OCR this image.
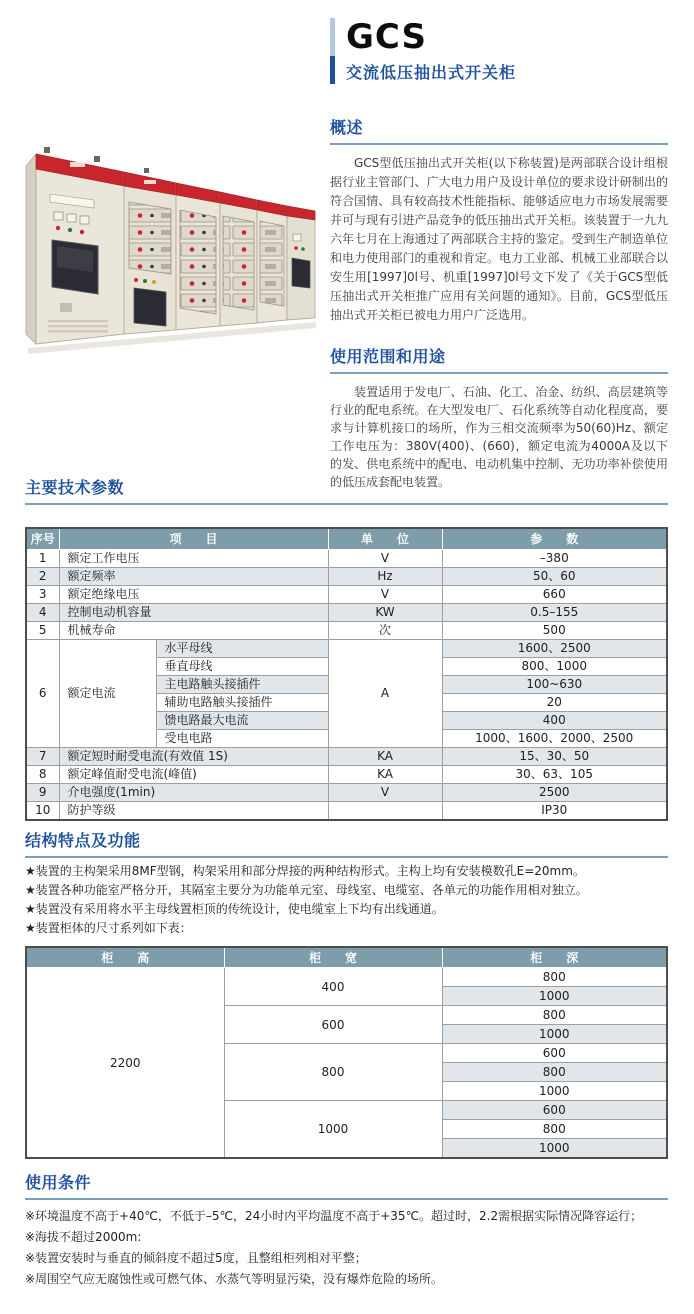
GCS
交流低压抽出式开关柜
概述

GCS型低压抽出式开关柜(以下称装置)是两部联合设计组根据行业主管部门、广大电力用户及设计单位的要求设计研制出的符合国情、具有较高技术性能指标、能够适应电力市场发展需要并可与现有引进产品竞争的低压抽出式开关柜。该装置于一九九六年七月在上海通过了两部联合主持的鉴定。受到生产制造单位和电力使用部门的重视和肯定。电力工业部、机械工业部联合以安生用[1997]0l号、机重[1997]0l号文下发了《关于GCS型低压抽出式开关柜推广应用有关问题的通知》。目前，GCS型低压抽出式开关柜已被电力用户广泛选用。

使用范围和用途

装置适用于发电厂、石油、化工、冶金、纺织、高层建筑等行业的配电系统。在大型发电厂、石化系统等自动化程度高，要求与计算机接口的场所，作为三相交流频率为50(60)Hz、额定工作电压为：380V(400)、(660)，额定电流为4000A及以下的发、供电系统中的配电、电动机集中控制、无功功率补偿使用的低压成套配电装置。

主要技术参数
序号	项　　目		单　　位	参　　数
1	额定工作电压		V	–380
2	额定频率		Hz	50、60
3	额定绝缘电压		V	660
4	控制电动机容量		KW	0.5–155
5	机械寿命		次	500
6	额定电流	水平母线	A	1600、2500
		垂直母线		800、1000
		主电路触头接插件		100~630
		辅助电路触头接插件		20
		馈电路最大电流		400
		受电电路		1000、1600、2000、2500
7	额定短时耐受电流(有效值 1S)		KA	15、30、50
8	额定峰值耐受电流(峰值)		KA	30、63、105
9	介电强度(1min)		V	2500
10	防护等级			IP30
结构特点及功能
★装置的主构架采用8MF型钢，构架采用和部分焊接的两种结构形式。主构上均有安装模数孔E=20mm。
★装置各种功能室严格分开，其隔室主要分为功能单元室、母线室、电缆室、各单元的功能作用相对独立。
★装置没有采用将水平主母线置柜顶的传统设计，使电缆室上下均有出线通道。
★装置柜体的尺寸系列如下表：
柜　　高	柜　　宽	柜　　深
2200	400	800
		1000
	600	800
		1000
	800	600
		800
		1000
	1000	600
		800
		1000
使用条件
※环境温度不高于+40℃，不低于–5℃，24小时内平均温度不高于+35℃。超过时，2.2需根据实际情况降容运行；
※海拔不超过2000m:
※装置安装时与垂直的倾斜度不超过5度，且整组柜列相对平整；
※周围空气应无腐蚀性或可燃气体、水蒸气等明显污染，没有爆炸危险的场所。
